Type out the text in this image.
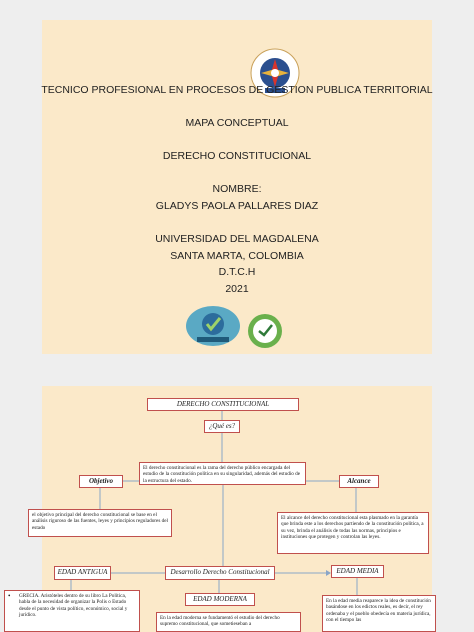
TECNICO PROFESIONAL EN PROCESOS DE GESTION PUBLICA TERRITORIAL
MAPA CONCEPTUAL
DERECHO CONSTITUCIONAL
NOMBRE:
GLADYS PAOLA PALLARES DIAZ
UNIVERSIDAD DEL MAGDALENA
SANTA MARTA, COLOMBIA
D.T.C.H
2021
DERECHO CONSTITUCIONAL
¿Qué es?
El derecho constitucional es la rama del derecho público encargada del estudio de la constitución política en su singularidad, además del estudio de la estructura del estado.
Objetivo	Alcance
el objetivo principal del derecho constitucional se base en el análisis riguroso de las fuentes, leyes y principios reguladores del estado
El alcance del derecho constitucional esta plasmado en la garantía que brinda este a los derechos partiendo de la constitución política, a su vez, brinda el análisis de todas las normas, principios e instituciones que protegen y controlan las leyes.
Desarrollo Derecho Constitucional
EDAD ANTIGUA	EDAD MEDIA
EDAD MODERNA
• GRECIA. Aristóteles dentro de su libro La Política, habla de la necesidad de organizar la Polis o Estado desde el punto de vista político, económico, social y jurídico.	En la edad moderna se fundamentó el estudio del derecho supremo constitucional, que sometieseban a
En la edad media reaparece la idea de constitución basándose en los edictos reales, es decir, el rey ordenaba y el pueblo obedecía en materia jurídica, con el tiempo las
